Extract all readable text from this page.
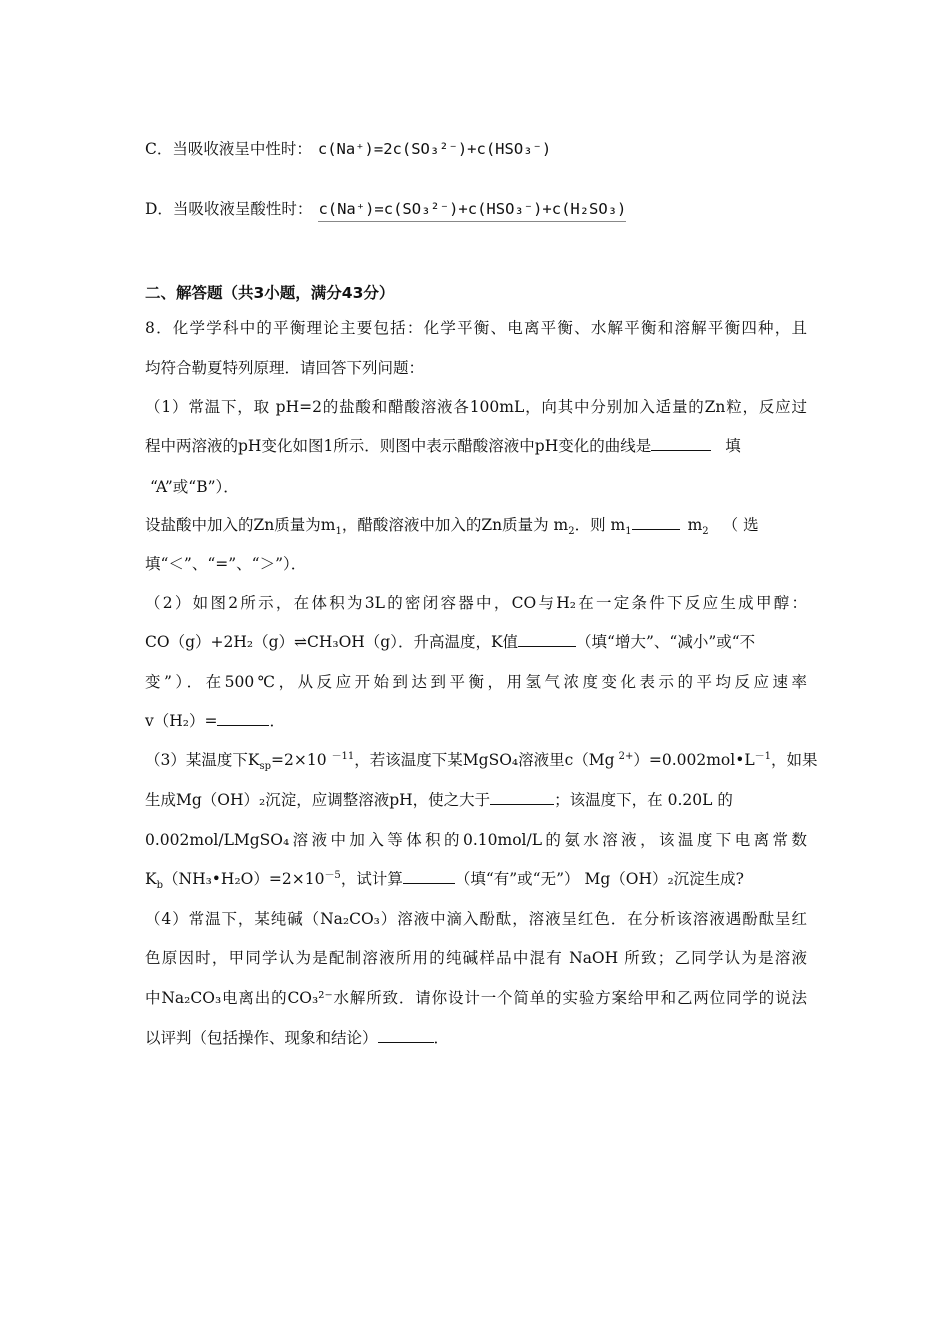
C．当吸收液呈中性时： c(Na⁺)=2c(SO₃²⁻)+c(HSO₃⁻)
D．当吸收液呈酸性时： c(Na⁺)=c(SO₃²⁻)+c(HSO₃⁻)+c(H₂SO₃)
二、解答题（共3小题，满分43分）
8．化学学科中的平衡理论主要包括：化学平衡、电离平衡、水解平衡和溶解平衡四种，且
均符合勒夏特列原理．请回答下列问题：
（1）常温下，取 pH=2的盐酸和醋酸溶液各100mL，向其中分别加入适量的Zn粒，反应过
程中两溶液的pH变化如图1所示．则图中表示醋酸溶液中pH变化的曲线是	填
“A”或“B”）．
设盐酸中加入的Zn质量为$m_1$，醋酸溶液中加入的Zn质量为 $m_2$．则 $m_1$	$m_2$ （ 选
填“＜”、“=”、“＞”）．
（2）如图2所示，在体积为3L的密闭容器中，CO与H₂在一定条件下反应生成甲醇：
CO（g）+2H₂（g）⇌CH₃OH（g）．升高温度，K值	（填“增大”、“减小”或“不
变”）．在500℃，从反应开始到达到平衡，用氢气浓度变化表示的平均反应速率
v（H₂）=	．
（3）某温度下$K_{sp}=2\times 10$ $^{-11}$，若该温度下某MgSO₄溶液里c（Mg $^{2+})=0.002mol•L^{-1}$，如果
生成Mg（OH）₂沉淀，应调整溶液pH，使之大于	；该温度下，在 0.20L 的
0.002mol/LMgSO₄溶液中加入等体积的0.10mol/L的氨水溶液，该温度下电离常数
$K_b(NH_3•H_2O)=2\times 10^{-5}$，试计算	（填“有”或“无”） Mg（OH）₂沉淀生成?
（4）常温下，某纯碱（Na₂CO₃）溶液中滴入酚酞，溶液呈红色．在分析该溶液遇酚酞呈红
色原因时，甲同学认为是配制溶液所用的纯碱样品中混有 NaOH 所致；乙同学认为是溶液
中Na₂CO₃电离出的CO₃²⁻水解所致．请你设计一个简单的实验方案给甲和乙两位同学的说法
以评判（包括操作、现象和结论）	．
